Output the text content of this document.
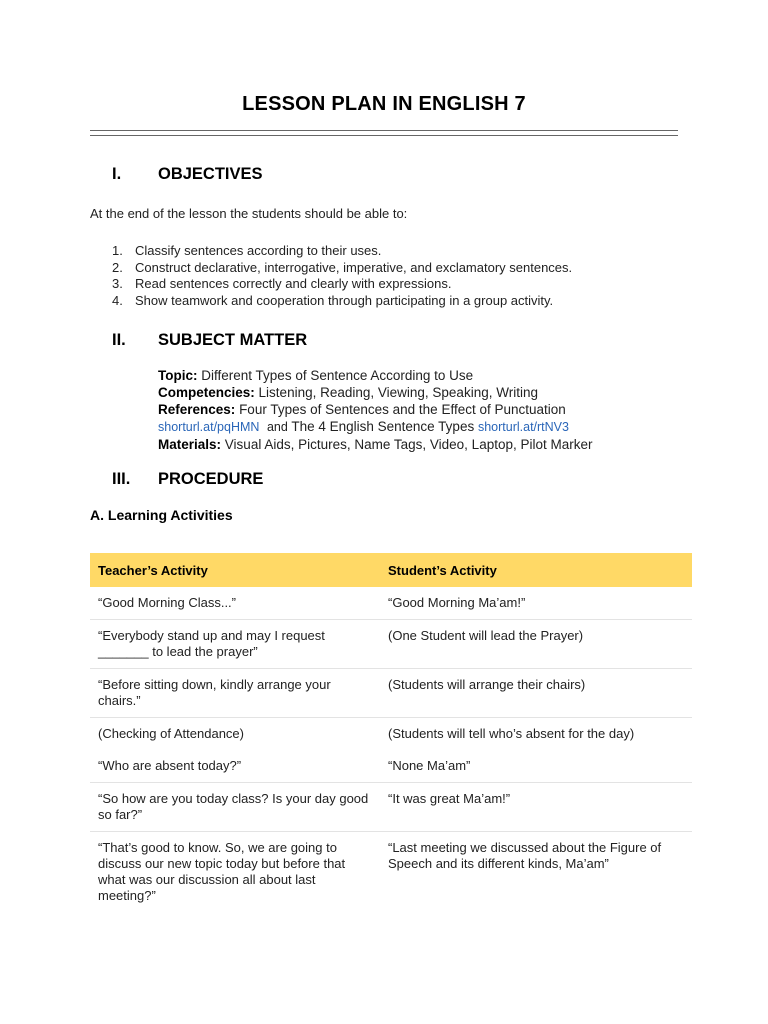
LESSON PLAN IN ENGLISH 7
I. OBJECTIVES
At the end of the lesson the students should be able to:
1. Classify sentences according to their uses.
2. Construct declarative, interrogative, imperative, and exclamatory sentences.
3. Read sentences correctly and clearly with expressions.
4. Show teamwork and cooperation through participating in a group activity.
II. SUBJECT MATTER
Topic: Different Types of Sentence According to Use
Competencies: Listening, Reading, Viewing, Speaking, Writing
References: Four Types of Sentences and the Effect of Punctuation
shorturl.at/pqHMN and The 4 English Sentence Types shorturl.at/rtNV3
Materials: Visual Aids, Pictures, Name Tags, Video, Laptop, Pilot Marker
III. PROCEDURE
A. Learning Activities
Teacher’s Activity	Student’s Activity
“Good Morning Class...”	“Good Morning Ma’am!”
“Everybody stand up and may I request _______ to lead the prayer”	(One Student will lead the Prayer)
“Before sitting down, kindly arrange your chairs.”	(Students will arrange their chairs)
(Checking of Attendance)	(Students will tell who’s absent for the day)
“Who are absent today?”	“None Ma’am”
“So how are you today class? Is your day good so far?”	“It was great Ma’am!”
“That’s good to know. So, we are going to discuss our new topic today but before that what was our discussion all about last meeting?”	“Last meeting we discussed about the Figure of Speech and its different kinds, Ma’am”
